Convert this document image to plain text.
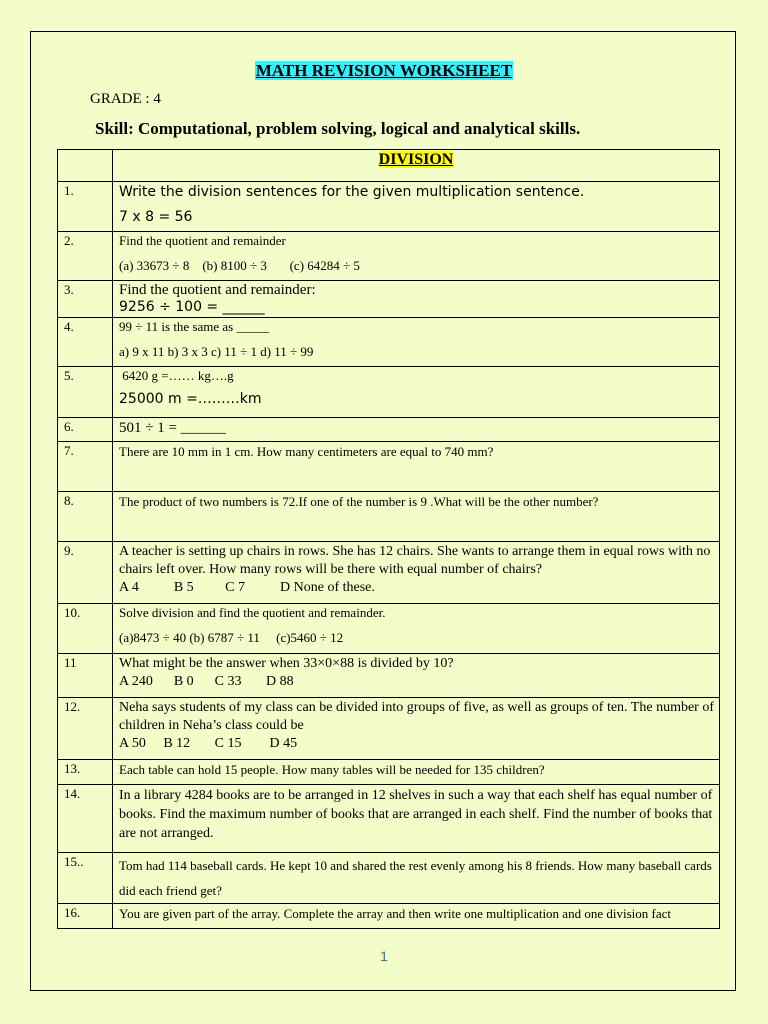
MATH REVISION WORKSHEET
GRADE : 4
Skill: Computational, problem solving, logical and analytical skills.
	DIVISION
1.	Write the division sentences for the given multiplication sentence.
7 x 8 = 56

2.	Find the quotient and remainder
(a) 33673 ÷ 8    (b) 8100 ÷ 3       (c) 64284 ÷ 5

3.	Find the quotient and remainder:
9256 ÷ 100 = ______

4.	99 ÷ 11 is the same as _____
a) 9 x 11 b) 3 x 3 c) 11 ÷ 1 d) 11 ÷ 99

5.	6420 g =…… kg….g
25000 m =………km

6.	501 ÷ 1 = ______
7.	There are 10 mm in 1 cm. How many centimeters are equal to 740 mm?
8.	The product of two numbers is 72.If one of the number is 9 .What will be the other number?
9.	A teacher is setting up chairs in rows. She has 12 chairs. She wants to arrange them in equal rows with no chairs left over. How many rows will be there with equal number of chairs?
A 4          B 5         C 7          D None of these.

10.	Solve division and find the quotient and remainder.
(a)8473 ÷ 40 (b) 6787 ÷ 11     (c)5460 ÷ 12

11	What might be the answer when 33×0×88 is divided by 10?
A 240      B 0      C 33       D 88

12.	Neha says students of my class can be divided into groups of five, as well as groups of ten. The number of children in Neha’s class could be
A 50     B 12       C 15        D 45

13.	Each table can hold 15 people. How many tables will be needed for 135 children?
14.	In a library 4284 books are to be arranged in 12 shelves in such a way that each shelf has equal number of books. Find the maximum number of books that are arranged in each shelf. Find the number of books that are not arranged.
15..	Tom had 114 baseball cards. He kept 10 and shared the rest evenly among his 8 friends. How many baseball cards did each friend get?
16.	You are given part of the array. Complete the array and then write one multiplication and one division fact
1
